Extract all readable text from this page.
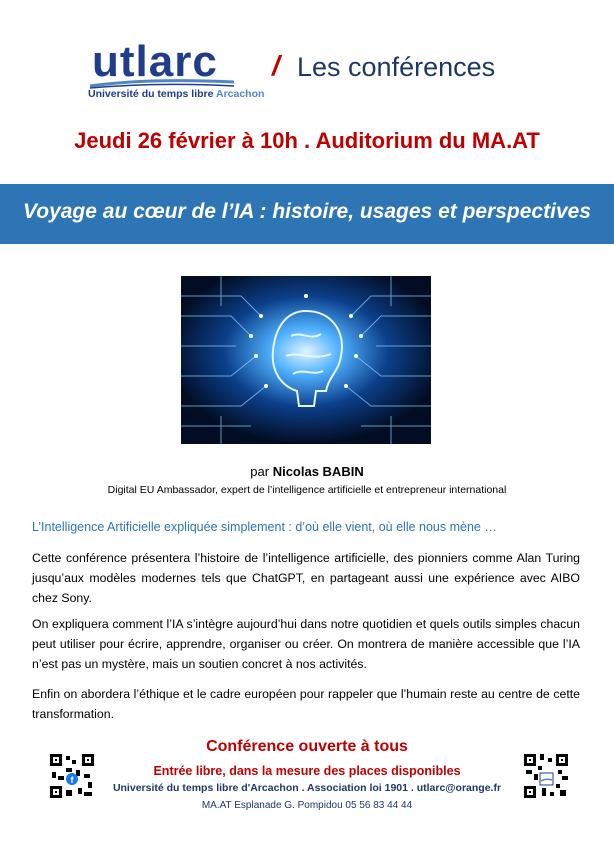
utlarc
Université du temps libre Arcachon
/ Les conférences
Jeudi 26 février à 10h . Auditorium du MA.AT
Voyage au cœur de l’IA : histoire, usages et perspectives
par Nicolas BABIN
Digital EU Ambassador, expert de l’intelligence artificielle et entrepreneur international
L’Intelligence Artificielle expliquée simplement : d’où elle vient, où elle nous mène …
Cette conférence présentera l’histoire de l’intelligence artificielle, des pionniers comme Alan Turing jusqu’aux modèles modernes tels que ChatGPT, en partageant aussi une expérience avec AIBO chez Sony.
On expliquera comment l’IA s’intègre aujourd’hui dans notre quotidien et quels outils simples chacun peut utiliser pour écrire, apprendre, organiser ou créer. On montrera de manière accessible que l’IA n’est pas un mystère, mais un soutien concret à nos activités.
Enfin on abordera l’éthique et le cadre européen pour rappeler que l’humain reste au centre de cette transformation.
f
Conférence ouverte à tous
Entrée libre, dans la mesure des places disponibles
Université du temps libre d'Arcachon . Association loi 1901 . utlarc@orange.fr
MA.AT Esplanade G. Pompidou 05 56 83 44 44
